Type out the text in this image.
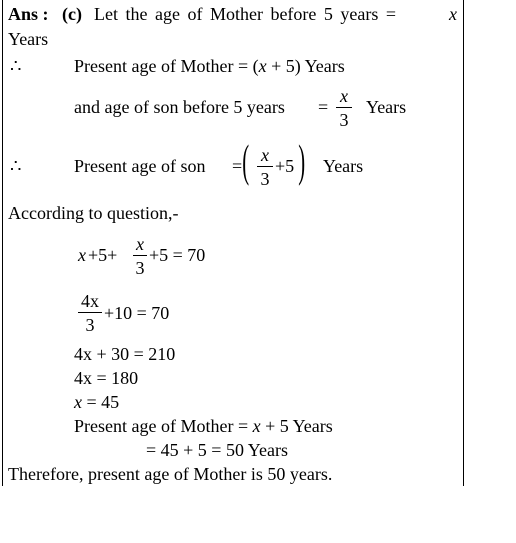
Ans : (c) Let the age of Mother before 5 years =	x
Years
∴	Present age of Mother = (x + 5) Years
and age of son before 5 years =
x
3
Years
∴	Present age of son = ( x
3
+5 ) Years
According to question,-
x +5+
x
3
+5 = 70
4x
3
+10 = 70
4x + 30 = 210
4x = 180
x = 45
Present age of Mother = x + 5 Years
= 45 + 5 = 50 Years
Therefore, present age of Mother is 50 years.
